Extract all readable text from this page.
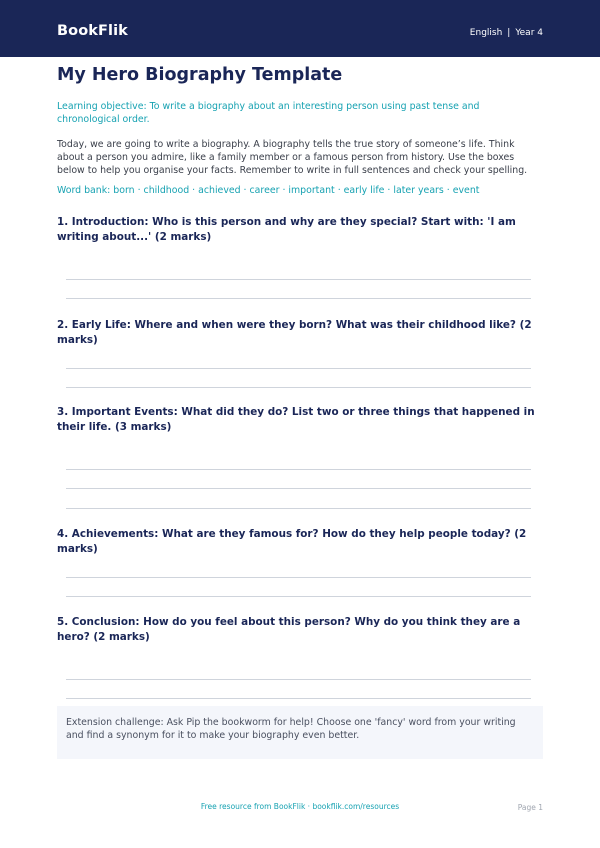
BookFlik	English | Year 4
My Hero Biography Template
Learning objective: To write a biography about an interesting person using past tense and chronological order.
Today, we are going to write a biography. A biography tells the true story of someone’s life. Think about a person you admire, like a family member or a famous person from history. Use the boxes below to help you organise your facts. Remember to write in full sentences and check your spelling.
Word bank: born · childhood · achieved · career · important · early life · later years · event
1. Introduction: Who is this person and why are they special? Start with: 'I am writing about...' (2 marks)
2. Early Life: Where and when were they born? What was their childhood like? (2 marks)
3. Important Events: What did they do? List two or three things that happened in their life. (3 marks)
4. Achievements: What are they famous for? How do they help people today? (2 marks)
5. Conclusion: How do you feel about this person? Why do you think they are a hero? (2 marks)
Extension challenge: Ask Pip the bookworm for help! Choose one 'fancy' word from your writing and find a synonym for it to make your biography even better.
Free resource from BookFlik · bookflik.com/resources	Page 1
